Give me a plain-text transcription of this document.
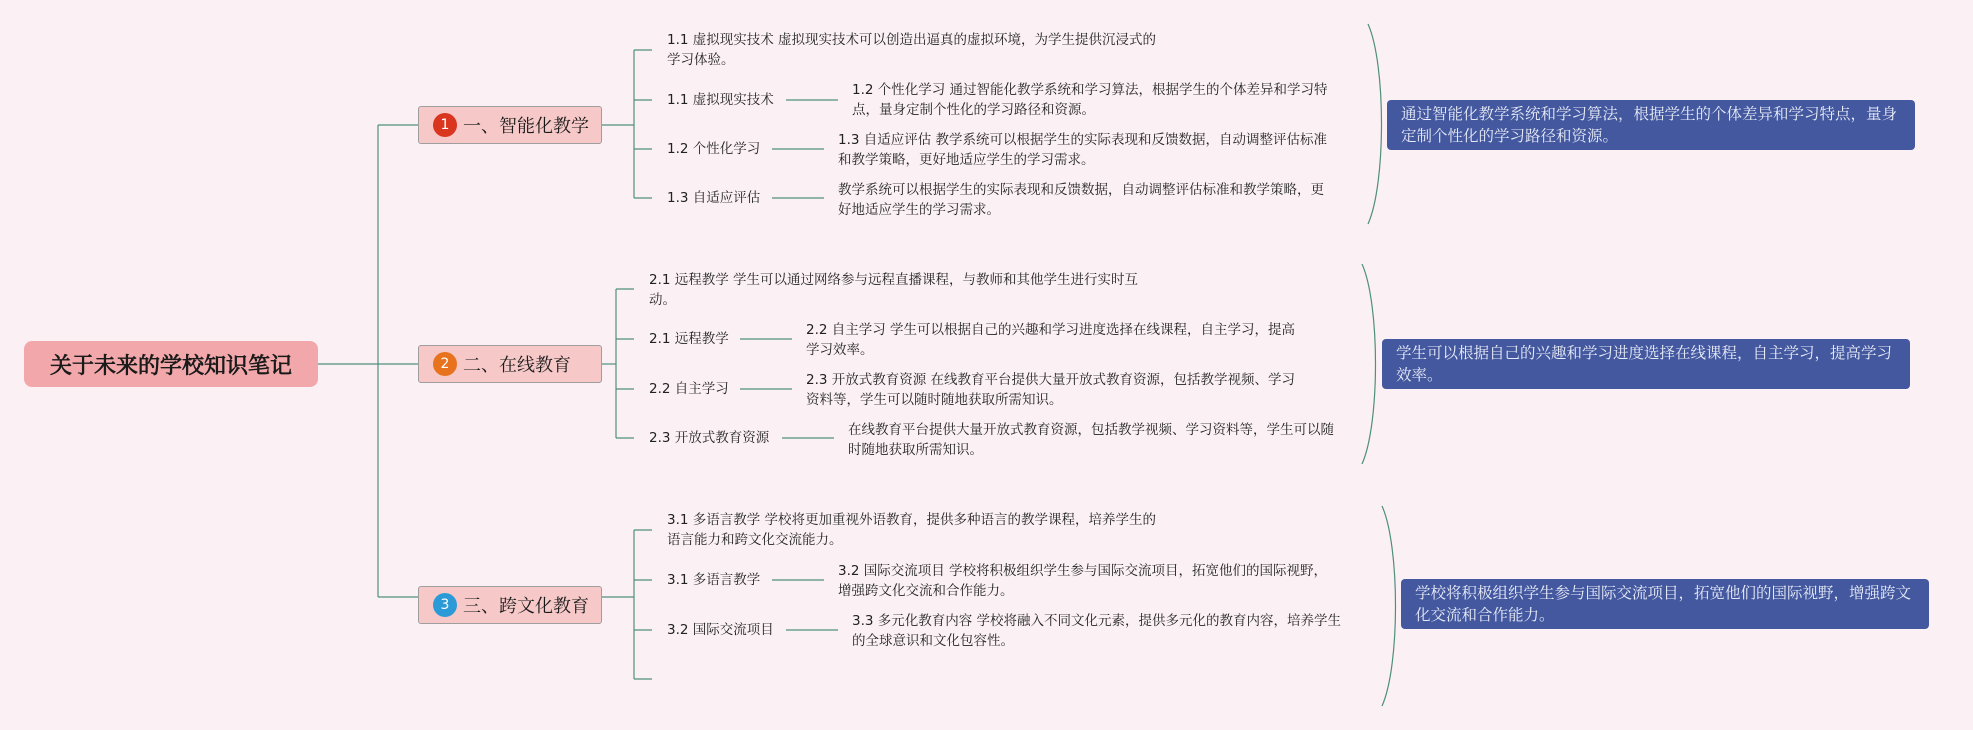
关于未来的学校知识笔记
1 一、智能化教学
1.1 虚拟现实技术 虚拟现实技术可以创造出逼真的虚拟环境，为学生提供沉浸式的学习体验。
1.1 虚拟现实技术
1.2 个性化学习
1.3 自适应评估
1.2 个性化学习 通过智能化教学系统和学习算法，根据学生的个体差异和学习特点，量身定制个性化的学习路径和资源。
1.3 自适应评估 教学系统可以根据学生的实际表现和反馈数据，自动调整评估标准和教学策略，更好地适应学生的学习需求。
教学系统可以根据学生的实际表现和反馈数据，自动调整评估标准和教学策略，更好地适应学生的学习需求。
通过智能化教学系统和学习算法，根据学生的个体差异和学习特点，量身定制个性化的学习路径和资源。
2 二、在线教育
2.1 远程教学 学生可以通过网络参与远程直播课程，与教师和其他学生进行实时互动。
2.1 远程教学
2.2 自主学习
2.3 开放式教育资源
2.2 自主学习 学生可以根据自己的兴趣和学习进度选择在线课程，自主学习，提高学习效率。
2.3 开放式教育资源 在线教育平台提供大量开放式教育资源，包括教学视频、学习资料等，学生可以随时随地获取所需知识。
在线教育平台提供大量开放式教育资源，包括教学视频、学习资料等，学生可以随时随地获取所需知识。
学生可以根据自己的兴趣和学习进度选择在线课程，自主学习，提高学习效率。
3 三、跨文化教育
3.1 多语言教学 学校将更加重视外语教育，提供多种语言的教学课程，培养学生的语言能力和跨文化交流能力。
3.1 多语言教学
3.2 国际交流项目
3.2 国际交流项目 学校将积极组织学生参与国际交流项目，拓宽他们的国际视野，增强跨文化交流和合作能力。
3.3 多元化教育内容 学校将融入不同文化元素，提供多元化的教育内容，培养学生的全球意识和文化包容性。
学校将积极组织学生参与国际交流项目，拓宽他们的国际视野，增强跨文化交流和合作能力。
